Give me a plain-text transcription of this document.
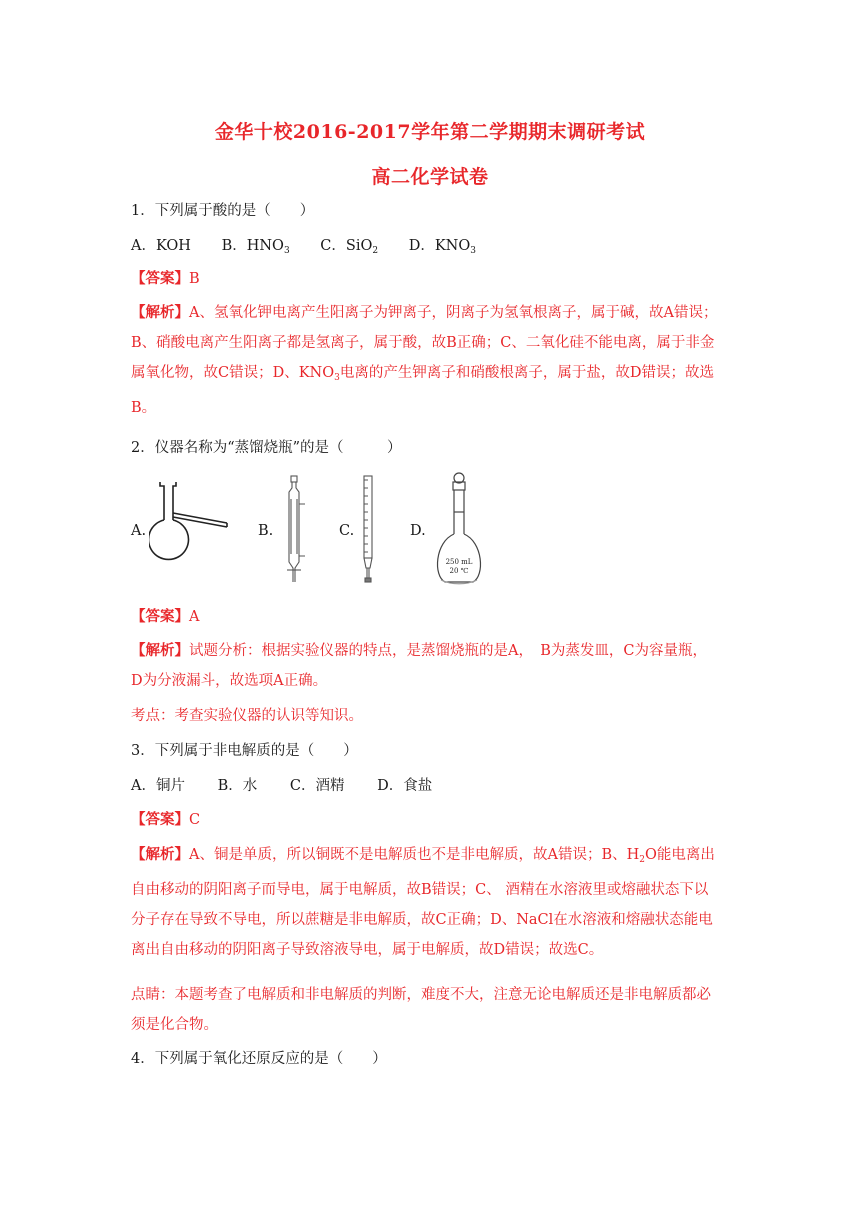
金华十校2016-2017学年第二学期期末调研考试
高二化学试卷
1．下列属于酸的是（　　）
A．KOH B．$HNO_3$ C．SiO$_2$ D．$KNO_3$
【答案】B
【解析】A、氢氧化钾电离产生阳离子为钾离子，阴离子为氢氧根离子，属于碱，故A错误；
B、硝酸电离产生阳离子都是氢离子，属于酸，故B正确；C、二氧化硅不能电离，属于非金
属氧化物，故C错误；D、$KNO_3$电离的产生钾离子和硝酸根离子，属于盐，故D错误；故选
B。
2．仪器名称为“蒸馏烧瓶”的是（　　　）
A.	B.	C.	D.
250 mL
20 ℃
【答案】A
【解析】试题分析：根据实验仪器的特点，是蒸馏烧瓶的是A，　B为蒸发皿，C为容量瓶，
D为分液漏斗，故选项A正确。
考点：考查实验仪器的认识等知识。
3．下列属于非电解质的是（　　）
A．铜片 B．水 C．酒精 D．食盐
【答案】C
【解析】A、铜是单质，所以铜既不是电解质也不是非电解质，故A错误；B、$H_2O$能电离出
自由移动的阴阳离子而导电，属于电解质，故B错误；C、 酒精在水溶液里或熔融状态下以
分子存在导致不导电，所以蔗糖是非电解质，故C正确；D、NaCl在水溶液和熔融状态能电
离出自由移动的阴阳离子导致溶液导电，属于电解质，故D错误；故选C。
点睛：本题考查了电解质和非电解质的判断，难度不大，注意无论电解质还是非电解质都必
须是化合物。
4．下列属于氧化还原反应的是（　　）
